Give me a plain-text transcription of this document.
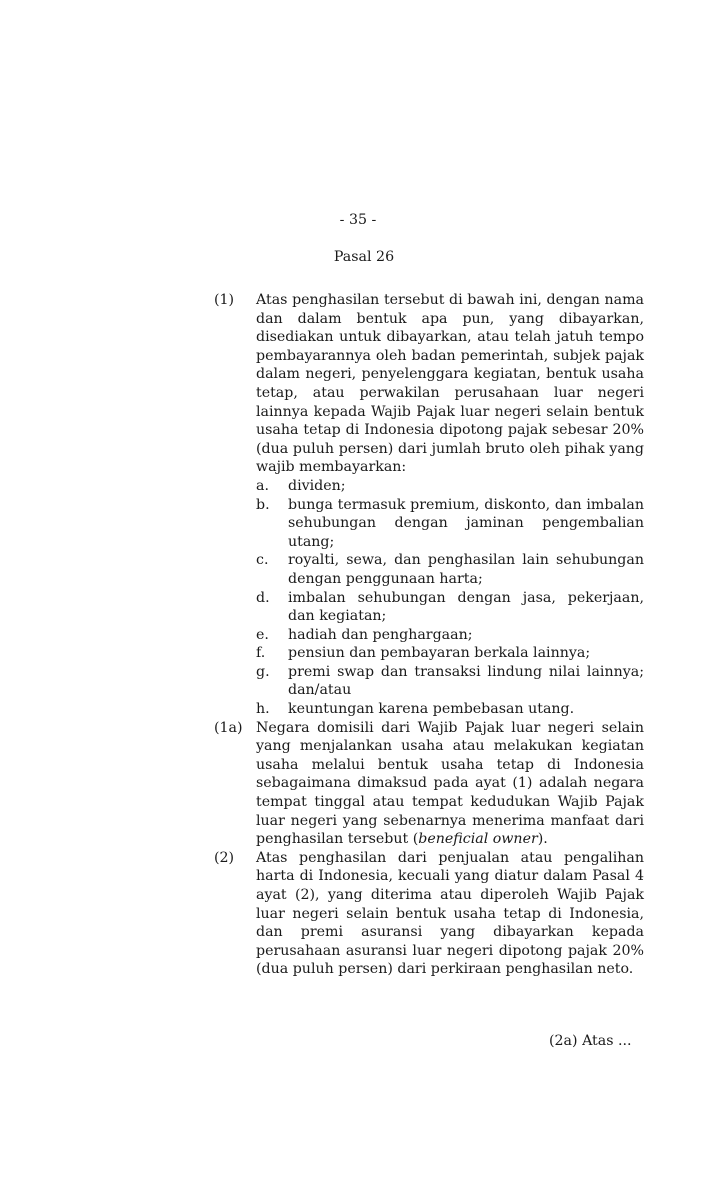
- 35 -
Pasal 26
(1) Atas penghasilan tersebut di bawah ini, dengan nama dan dalam bentuk apa pun, yang dibayarkan, disediakan untuk dibayarkan, atau telah jatuh tempo pembayarannya oleh badan pemerintah, subjek pajak dalam negeri, penyelenggara kegiatan, bentuk usaha tetap, atau perwakilan perusahaan luar negeri lainnya kepada Wajib Pajak luar negeri selain bentuk usaha tetap di Indonesia dipotong pajak sebesar 20% (dua puluh persen) dari jumlah bruto oleh pihak yang wajib membayarkan:
a. dividen;
b. bunga termasuk premium, diskonto, dan imbalan sehubungan dengan jaminan pengembalian utang;
c. royalti, sewa, dan penghasilan lain sehubungan dengan penggunaan harta;
d. imbalan sehubungan dengan jasa, pekerjaan, dan kegiatan;
e. hadiah dan penghargaan;
f. pensiun dan pembayaran berkala lainnya;
g. premi swap dan transaksi lindung nilai lainnya; dan/atau
h. keuntungan karena pembebasan utang.
(1a) Negara domisili dari Wajib Pajak luar negeri selain yang menjalankan usaha atau melakukan kegiatan usaha melalui bentuk usaha tetap di Indonesia sebagaimana dimaksud pada ayat (1) adalah negara tempat tinggal atau tempat kedudukan Wajib Pajak luar negeri yang sebenarnya menerima manfaat dari penghasilan tersebut (beneficial owner).
(2) Atas penghasilan dari penjualan atau pengalihan harta di Indonesia, kecuali yang diatur dalam Pasal 4 ayat (2), yang diterima atau diperoleh Wajib Pajak luar negeri selain bentuk usaha tetap di Indonesia, dan premi asuransi yang dibayarkan kepada perusahaan asuransi luar negeri dipotong pajak 20% (dua puluh persen) dari perkiraan penghasilan neto.
(2a) Atas ...
